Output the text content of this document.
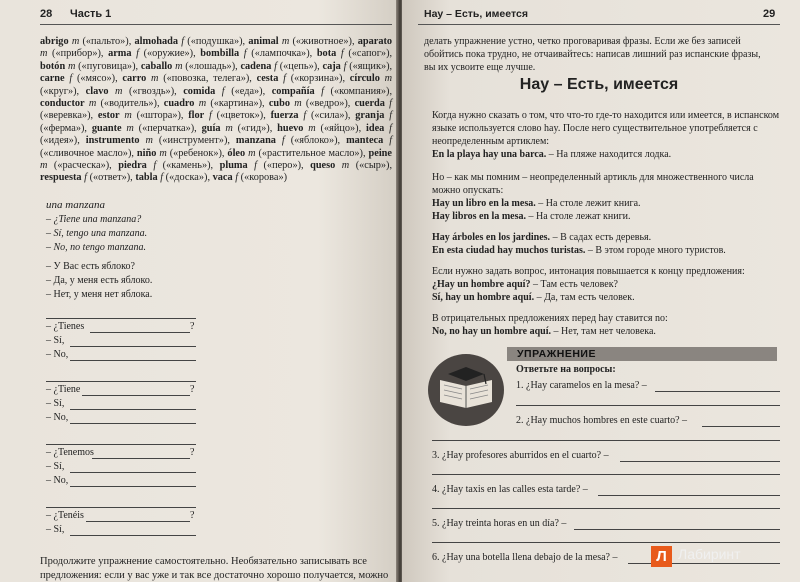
28 Часть 1
abrigo m («пальто»), almohada f («подушка»), animal m («животное»), aparato m («прибор»), arma f («оружие»), bombilla f («лампочка»), bota f («сапог»), botón m («пуговица»), caballo m («лошадь»), cadena f («цепь»), caja f («ящик»), carne f («мясо»), carro m («повозка, телега»), cesta f («корзина»), círculo m («круг»), clavo m («гвоздь»), comida f («еда»), compañía f («компания»), conductor m («водитель»), cuadro m («картина»), cubo m («ведро»), cuerda f («веревка»), estor m («штора»), flor f («цветок»), fuerza f («сила»), granja f («ферма»), guante m («перчатка»), guía m («гид»), huevo m («яйцо»), idea f («идея»), instrumento m («инструмент»), manzana f («яблоко»), manteca f («сливочное масло»), niño m («ребенок»), óleo m («растительное масло»), peine m («расческа»), piedra f («камень»), pluma f («перо»), queso m («сыр»), respuesta f («ответ»), tabla f («доска»), vaca f («корова»)
una manzana
– ¿Tiene una manzana?
– Sí, tengo una manzana.
– No, no tengo manzana.
– У Вас есть яблоко?
– Да, у меня есть яблоко.
– Нет, у меня нет яблока.
– ¿Tienes	?
– Sí,
– No,
– ¿Tiene	?
– Sí,
– No,
– ¿Tenemos	?
– Sí,
– No,
– ¿Tenéis	?
– Sí,
Продолжите упражнение самостоятельно. Необязательно записывать все
предложения: если у вас уже и так все достаточно хорошо получается, можно
Hay – Есть, имеется	29
делать упражнение устно, четко проговаривая фразы. Если же без записей
обойтись пока трудно, не отчаивайтесь: написав лишний раз испанские фразы,
вы их усвоите еще лучше.
Hay – Есть, имеется
Когда нужно сказать о том, что что-то где-то находится или имеется, в испанском
языке используется слово hay. После него существительное употребляется с
неопределенным артиклем:
En la playa hay una barca. – На пляже находится лодка.
Но – как мы помним – неопределенный артикль для множественного числа
можно опускать:
Hay un libro en la mesa. – На столе лежит книга.
Hay libros en la mesa. – На столе лежат книги.
Hay árboles en los jardines. – В садах есть деревья.
En esta ciudad hay muchos turistas. – В этом городе много туристов.
Если нужно задать вопрос, интонация повышается к концу предложения:
¿Hay un hombre aquí? – Там есть человек?
Sí, hay un hombre aquí. – Да, там есть человек.
В отрицательных предложениях перед hay ставится no:
No, no hay un hombre aquí. – Нет, там нет человека.
УПРАЖНЕНИЕ
Ответьте на вопросы:
1. ¿Hay caramelos en la mesa? –
2. ¿Hay muchos hombres en este cuarto? –
3. ¿Hay profesores aburridos en el cuarto? –
4. ¿Hay taxis en las calles esta tarde? –
5. ¿Hay treinta horas en un día? –
6. ¿Hay una botella llena debajo de la mesa? –	Л Лабиринт
